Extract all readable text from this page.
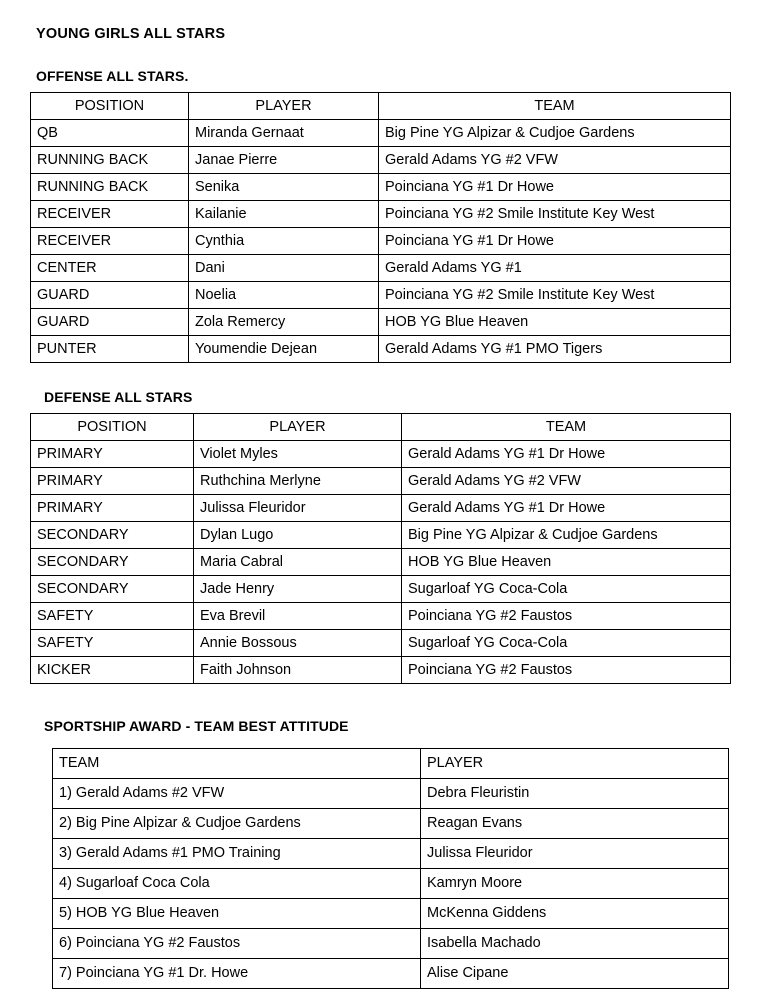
YOUNG GIRLS ALL STARS
OFFENSE ALL STARS.
POSITION	PLAYER	TEAM
QB	Miranda Gernaat	Big Pine YG Alpizar & Cudjoe Gardens
RUNNING BACK	Janae Pierre	Gerald Adams YG #2 VFW
RUNNING BACK	Senika	Poinciana YG #1 Dr Howe
RECEIVER	Kailanie	Poinciana YG #2 Smile Institute Key West
RECEIVER	Cynthia	Poinciana YG #1 Dr Howe
CENTER	Dani	Gerald Adams YG #1
GUARD	Noelia	Poinciana YG #2 Smile Institute Key West
GUARD	Zola Remercy	HOB YG Blue Heaven
PUNTER	Youmendie Dejean	Gerald Adams YG #1 PMO Tigers
DEFENSE ALL STARS
POSITION	PLAYER	TEAM
PRIMARY	Violet Myles	Gerald Adams YG #1 Dr Howe
PRIMARY	Ruthchina Merlyne	Gerald Adams YG #2 VFW
PRIMARY	Julissa Fleuridor	Gerald Adams YG #1 Dr Howe
SECONDARY	Dylan Lugo	Big Pine YG Alpizar & Cudjoe Gardens
SECONDARY	Maria Cabral	HOB YG Blue Heaven
SECONDARY	Jade Henry	Sugarloaf YG Coca-Cola
SAFETY	Eva Brevil	Poinciana YG #2 Faustos
SAFETY	Annie Bossous	Sugarloaf YG Coca-Cola
KICKER	Faith Johnson	Poinciana YG #2 Faustos
SPORTSHIP AWARD - TEAM BEST ATTITUDE
TEAM	PLAYER
1) Gerald Adams #2 VFW	Debra Fleuristin
2) Big Pine Alpizar & Cudjoe Gardens	Reagan Evans
3) Gerald Adams #1 PMO Training	Julissa Fleuridor
4) Sugarloaf Coca Cola	Kamryn Moore
5) HOB YG Blue Heaven	McKenna Giddens
6) Poinciana YG #2 Faustos	Isabella Machado
7) Poinciana YG #1 Dr. Howe	Alise Cipane
